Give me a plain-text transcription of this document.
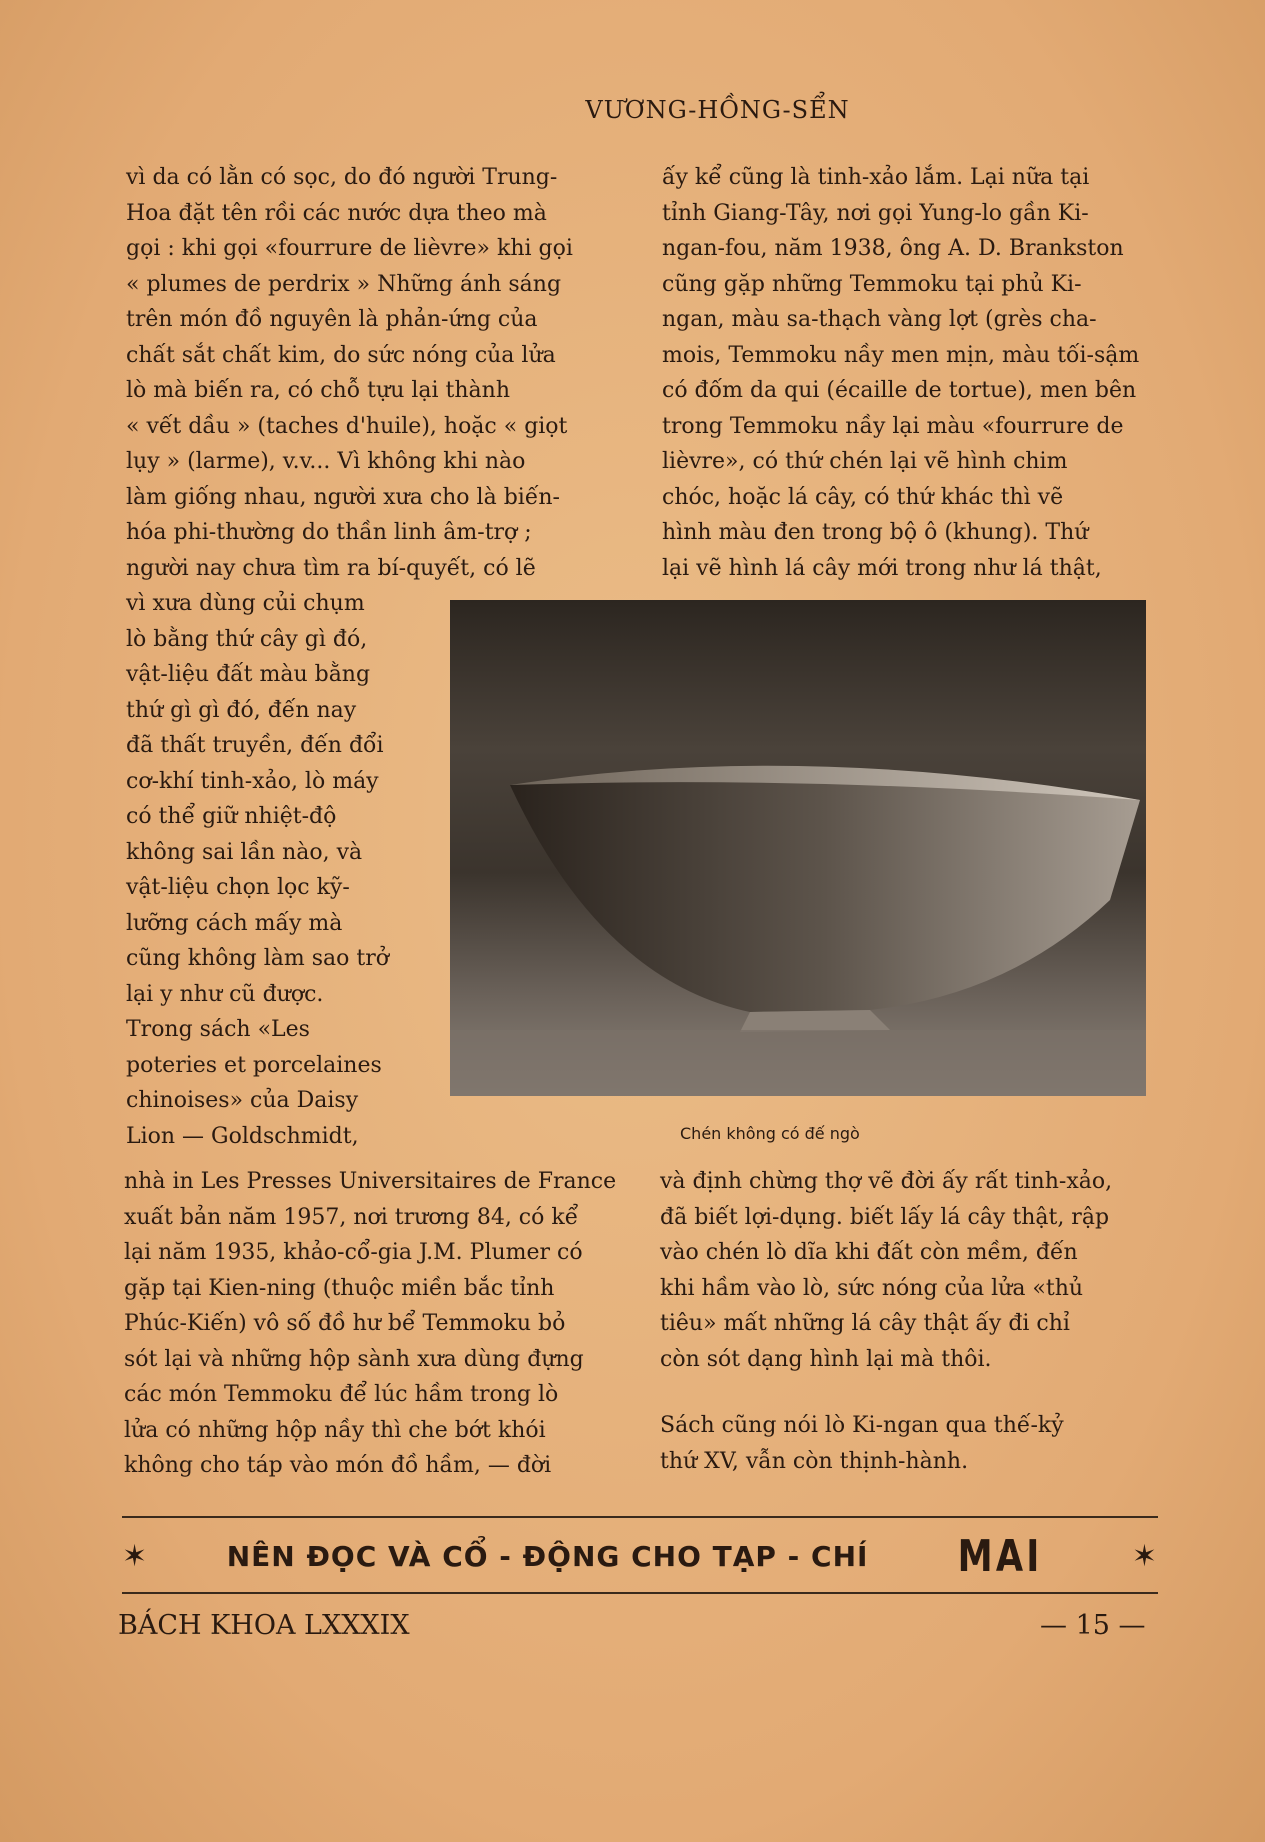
VƯƠNG-HỒNG-SỂN

vì da có lằn có sọc, do đó người Trung-

Hoa đặt tên rồi các nước dựa theo mà

gọi : khi gọi «fourrure de lièvre» khi gọi

« plumes de perdrix » Những ánh sáng

trên món đồ nguyên là phản-ứng của

chất sắt chất kim, do sức nóng của lửa

lò mà biến ra, có chỗ tựu lại thành

« vết dầu » (taches d'huile), hoặc « giọt

lụy » (larme), v.v... Vì không khi nào

làm giống nhau, người xưa cho là biến-

hóa phi-thường do thần linh âm-trợ ;

người nay chưa tìm ra bí-quyết, có lẽ

vì xưa dùng củi chụm

lò bằng thứ cây gì đó,

vật-liệu đất màu bằng

thứ gì gì đó, đến nay

đã thất truyền, đến đổi

cơ-khí tinh-xảo, lò máy

có thể giữ nhiệt-độ

không sai lần nào, và

vật-liệu chọn lọc kỹ-

lưỡng cách mấy mà

cũng không làm sao trở

lại y như cũ được.

Trong sách «Les

poteries et porcelaines

chinoises» của Daisy

Lion — Goldschmidt,

nhà in Les Presses Universitaires de France

xuất bản năm 1957, nơi trương 84, có kể

lại năm 1935, khảo-cổ-gia J.M. Plumer có

gặp tại Kien-ning (thuộc miền bắc tỉnh

Phúc-Kiến) vô số đồ hư bể Temmoku bỏ

sót lại và những hộp sành xưa dùng đựng

các món Temmoku để lúc hầm trong lò

lửa có những hộp nầy thì che bớt khói

không cho táp vào món đồ hầm, — đời

ấy kể cũng là tinh-xảo lắm. Lại nữa tại

tỉnh Giang-Tây, nơi gọi Yung-lo gần Ki-

ngan-fou, năm 1938, ông A. D. Brankston

cũng gặp những Temmoku tại phủ Ki-

ngan, màu sa-thạch vàng lợt (grès cha-

mois, Temmoku nầy men mịn, màu tối-sậm

có đốm da qui (écaille de tortue), men bên

trong Temmoku nầy lại màu «fourrure de

lièvre», có thứ chén lại vẽ hình chim

chóc, hoặc lá cây, có thứ khác thì vẽ

hình màu đen trong bộ ô (khung). Thứ

lại vẽ hình lá cây mới trong như lá thật,

và định chừng thợ vẽ đời ấy rất tinh-xảo,

đã biết lợi-dụng. biết lấy lá cây thật, rập

vào chén lò dĩa khi đất còn mềm, đến

khi hầm vào lò, sức nóng của lửa «thủ

tiêu» mất những lá cây thật ấy đi chỉ

còn sót dạng hình lại mà thôi.

Sách cũng nói lò Ki-ngan qua thế-kỷ

thứ XV, vẫn còn thịnh-hành.

Chén không có đế ngò
✶	NÊN ĐỌC VÀ CỔ - ĐỘNG CHO TẠP - CHÍ MAI	✶
BÁCH KHOA LXXXIX	— 15 —
